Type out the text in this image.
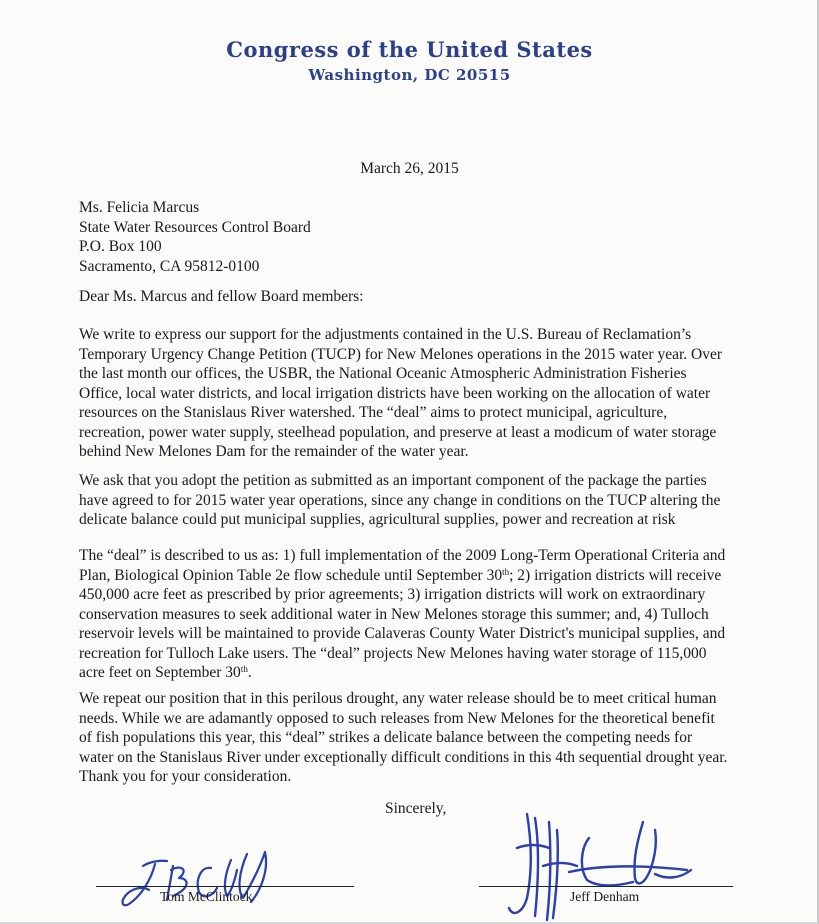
Congress of the United States
Washington, DC 20515
March 26, 2015
Ms. Felicia Marcus
State Water Resources Control Board
P.O. Box 100
Sacramento, CA 95812-0100
Dear Ms. Marcus and fellow Board members:
We write to express our support for the adjustments contained in the U.S. Bureau of Reclamation’s
Temporary Urgency Change Petition (TUCP) for New Melones operations in the 2015 water year. Over
the last month our offices, the USBR, the National Oceanic Atmospheric Administration Fisheries
Office, local water districts, and local irrigation districts have been working on the allocation of water
resources on the Stanislaus River watershed. The “deal” aims to protect municipal, agriculture,
recreation, power water supply, steelhead population, and preserve at least a modicum of water storage
behind New Melones Dam for the remainder of the water year.
We ask that you adopt the petition as submitted as an important component of the package the parties
have agreed to for 2015 water year operations, since any change in conditions on the TUCP altering the
delicate balance could put municipal supplies, agricultural supplies, power and recreation at risk
The “deal” is described to us as: 1) full implementation of the 2009 Long-Term Operational Criteria and
Plan, Biological Opinion Table 2e flow schedule until September 30th; 2) irrigation districts will receive
450,000 acre feet as prescribed by prior agreements; 3) irrigation districts will work on extraordinary
conservation measures to seek additional water in New Melones storage this summer; and, 4) Tulloch
reservoir levels will be maintained to provide Calaveras County Water District's municipal supplies, and
recreation for Tulloch Lake users. The “deal” projects New Melones having water storage of 115,000
acre feet on September 30th.
We repeat our position that in this perilous drought, any water release should be to meet critical human
needs. While we are adamantly opposed to such releases from New Melones for the theoretical benefit
of fish populations this year, this “deal” strikes a delicate balance between the competing needs for
water on the Stanislaus River under exceptionally difficult conditions in this 4th sequential drought year.
Thank you for your consideration.
Sincerely,
Tom McClintock	Jeff Denham
